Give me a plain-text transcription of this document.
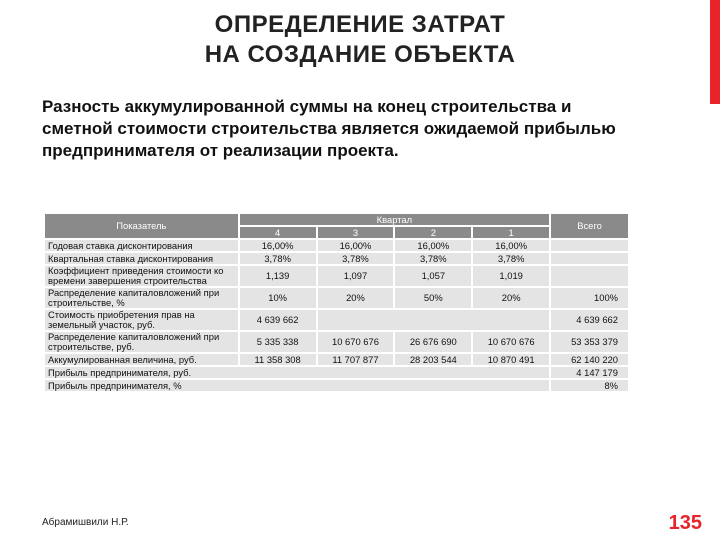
ОПРЕДЕЛЕНИЕ ЗАТРАТ
НА СОЗДАНИЕ ОБЪЕКТА
Разность аккумулированной суммы на конец строительства и сметной стоимости строительства является ожидаемой прибылью предпринимателя от реализации проекта.
Показатель	Квартал				Всего
	4	3	2	1	
Годовая ставка дисконтирования	16,00%	16,00%	16,00%	16,00%	
Квартальная ставка дисконтирования	3,78%	3,78%	3,78%	3,78%	
Коэффициент приведения стоимости ко времени завершения строительства	1,139	1,097	1,057	1,019	
Распределение капиталовложений при строительстве, %	10%	20%	50%	20%	100%
Стоимость приобретения прав на земельный участок, руб.	4 639 662				4 639 662
Распределение капиталовложений при строительстве, руб.	5 335 338	10 670 676	26 676 690	10 670 676	53 353 379
Аккумулированная величина, руб.	11 358 308	11 707 877	28 203 544	10 870 491	62 140 220
Прибыль предпринимателя, руб.					4 147 179
Прибыль предпринимателя, %					8%
Абрамишвили Н.Р.	135
